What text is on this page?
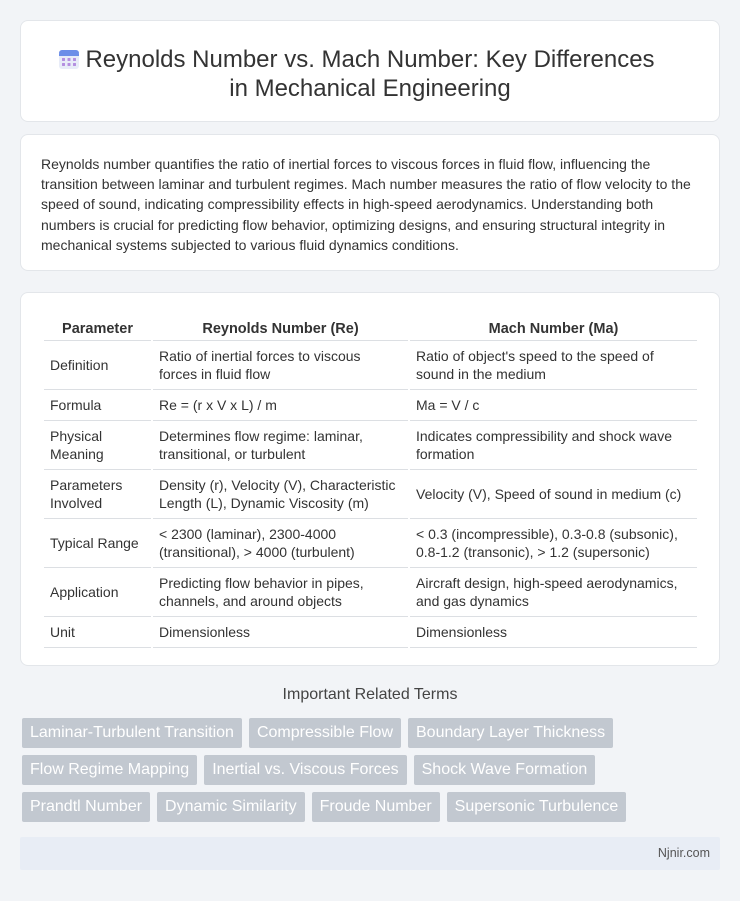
Reynolds Number vs. Mach Number: Key Differences in Mechanical Engineering

Reynolds number quantifies the ratio of inertial forces to viscous forces in fluid flow, influencing the transition between laminar and turbulent regimes. Mach number measures the ratio of flow velocity to the speed of sound, indicating compressibility effects in high-speed aerodynamics. Understanding both numbers is crucial for predicting flow behavior, optimizing designs, and ensuring structural integrity in mechanical systems subjected to various fluid dynamics conditions.

Parameter	Reynolds Number (Re)	Mach Number (Ma)
Definition	Ratio of inertial forces to viscous forces in fluid flow	Ratio of object's speed to the speed of sound in the medium
Formula	Re = (r x V x L) / m	Ma = V / c
Physical Meaning	Determines flow regime: laminar, transitional, or turbulent	Indicates compressibility and shock wave formation
Parameters Involved	Density (r), Velocity (V), Characteristic Length (L), Dynamic Viscosity (m)	Velocity (V), Speed of sound in medium (c)
Typical Range	< 2300 (laminar), 2300-4000 (transitional), > 4000 (turbulent)	< 0.3 (incompressible), 0.3-0.8 (subsonic), 0.8-1.2 (transonic), > 1.2 (supersonic)
Application	Predicting flow behavior in pipes, channels, and around objects	Aircraft design, high-speed aerodynamics, and gas dynamics
Unit	Dimensionless	Dimensionless
Important Related Terms
Laminar-Turbulent Transition	Compressible Flow	Boundary Layer Thickness
Flow Regime Mapping	Inertial vs. Viscous Forces	Shock Wave Formation
Prandtl Number	Dynamic Similarity	Froude Number	Supersonic Turbulence
Njnir.com
